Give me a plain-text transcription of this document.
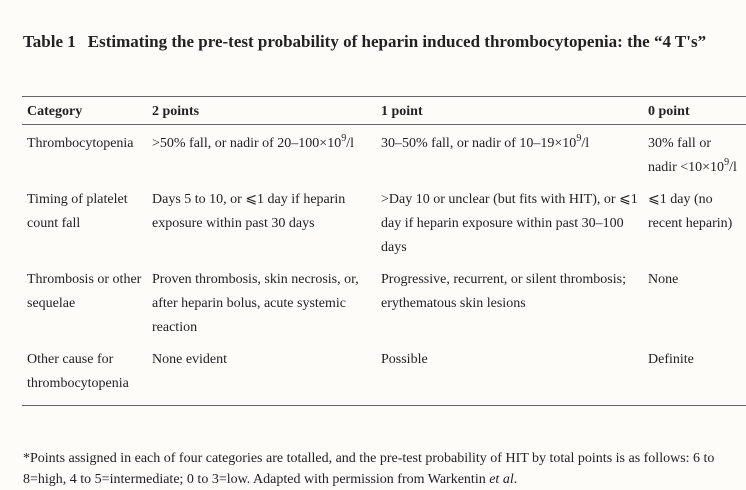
Table 1 Estimating the pre-test probability of heparin induced thrombocytopenia: the “4 T's”
Category	2 points	1 point	0 point
Thrombocytopenia	>50% fall, or nadir of $20-100\times 10^9/l$	30–50% fall, or nadir of $10-19\times 10^9/l$	30% fall or nadir $<10\times 10^9/l$
Timing of platelet count fall	Days 5 to 10, or ⩽1 day if heparin exposure within past 30 days	>Day 10 or unclear (but fits with HIT), or ⩽1 day if heparin exposure within past 30–100 days	⩽1 day (no recent heparin)
Thrombosis or other sequelae	Proven thrombosis, skin necrosis, or, after heparin bolus, acute systemic reaction	Progressive, recurrent, or silent thrombosis; erythematous skin lesions	None
Other cause for thrombocytopenia	None evident	Possible	Definite

*Points assigned in each of four categories are totalled, and the pre-test probability of HIT by total points is as follows: 6 to 8=high, 4 to 5=intermediate; 0 to 3=low. Adapted with permission from Warkentin et al.
